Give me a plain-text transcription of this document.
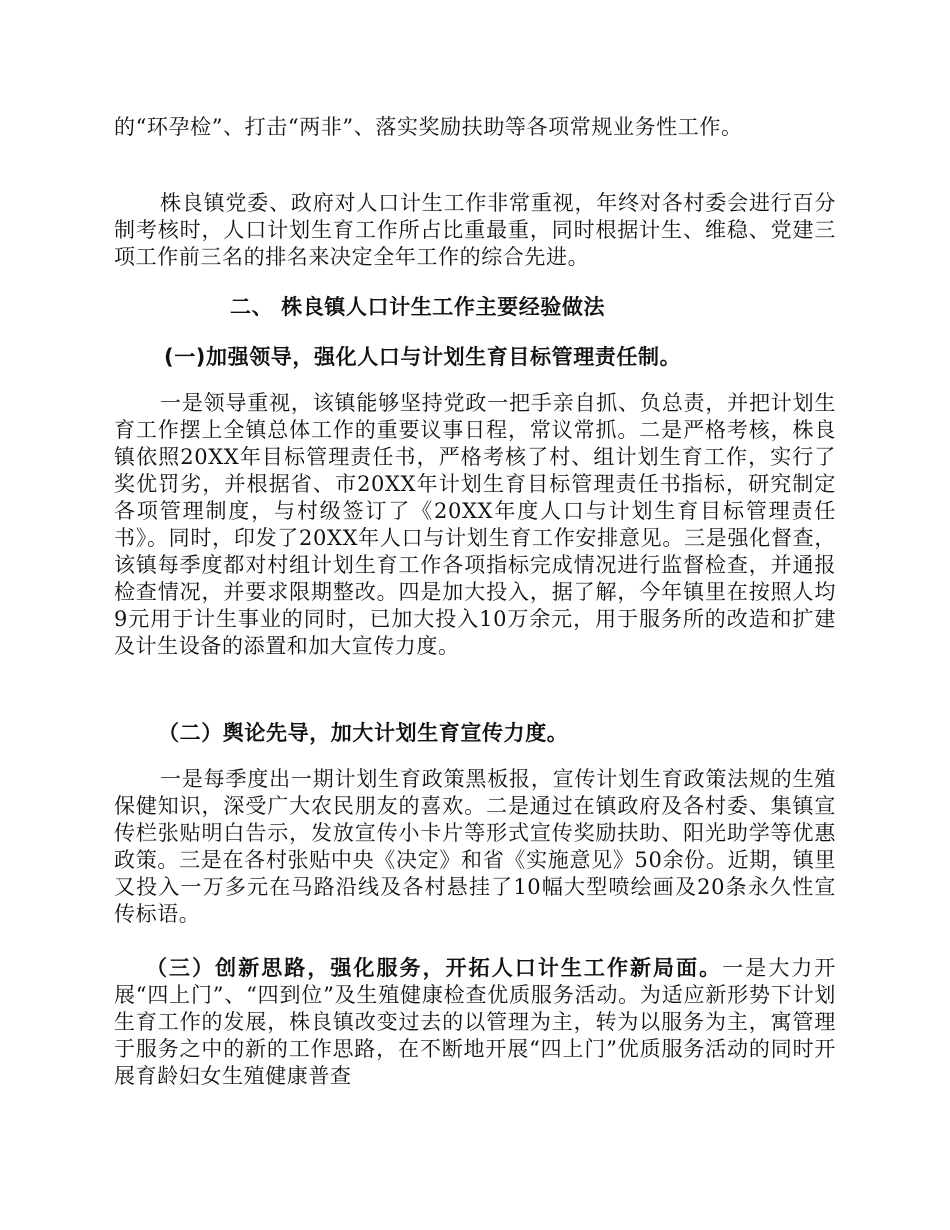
的“环孕检”、打击“两非”、落实奖励扶助等各项常规业务性工作。

株良镇党委、政府对人口计生工作非常重视，年终对各村委会进行百分制考核时，人口计划生育工作所占比重最重，同时根据计生、维稳、党建三项工作前三名的排名来决定全年工作的综合先进。

二、 株良镇人口计生工作主要经验做法
(一)加强领导，强化人口与计划生育目标管理责任制。

一是领导重视，该镇能够坚持党政一把手亲自抓、负总责，并把计划生育工作摆上全镇总体工作的重要议事日程，常议常抓。二是严格考核，株良镇依照20XX年目标管理责任书，严格考核了村、组计划生育工作，实行了奖优罚劣，并根据省、市20XX年计划生育目标管理责任书指标，研究制定各项管理制度，与村级签订了《20XX年度人口与计划生育目标管理责任书》。同时，印发了20XX年人口与计划生育工作安排意见。三是强化督查，该镇每季度都对村组计划生育工作各项指标完成情况进行监督检查，并通报检查情况，并要求限期整改。四是加大投入，据了解，今年镇里在按照人均9元用于计生事业的同时，已加大投入10万余元，用于服务所的改造和扩建及计生设备的添置和加大宣传力度。

（二）舆论先导，加大计划生育宣传力度。

一是每季度出一期计划生育政策黑板报，宣传计划生育政策法规的生殖保健知识，深受广大农民朋友的喜欢。二是通过在镇政府及各村委、集镇宣传栏张贴明白告示，发放宣传小卡片等形式宣传奖励扶助、阳光助学等优惠政策。三是在各村张贴中央《决定》和省《实施意见》50余份。近期，镇里又投入一万多元在马路沿线及各村悬挂了10幅大型喷绘画及20条永久性宣传标语。

（三）创新思路，强化服务，开拓人口计生工作新局面。一是大力开展“四上门”、“四到位”及生殖健康检查优质服务活动。为适应新形势下计划生育工作的发展，株良镇改变过去的以管理为主，转为以服务为主，寓管理于服务之中的新的工作思路，在不断地开展“四上门”优质服务活动的同时开展育龄妇女生殖健康普查
